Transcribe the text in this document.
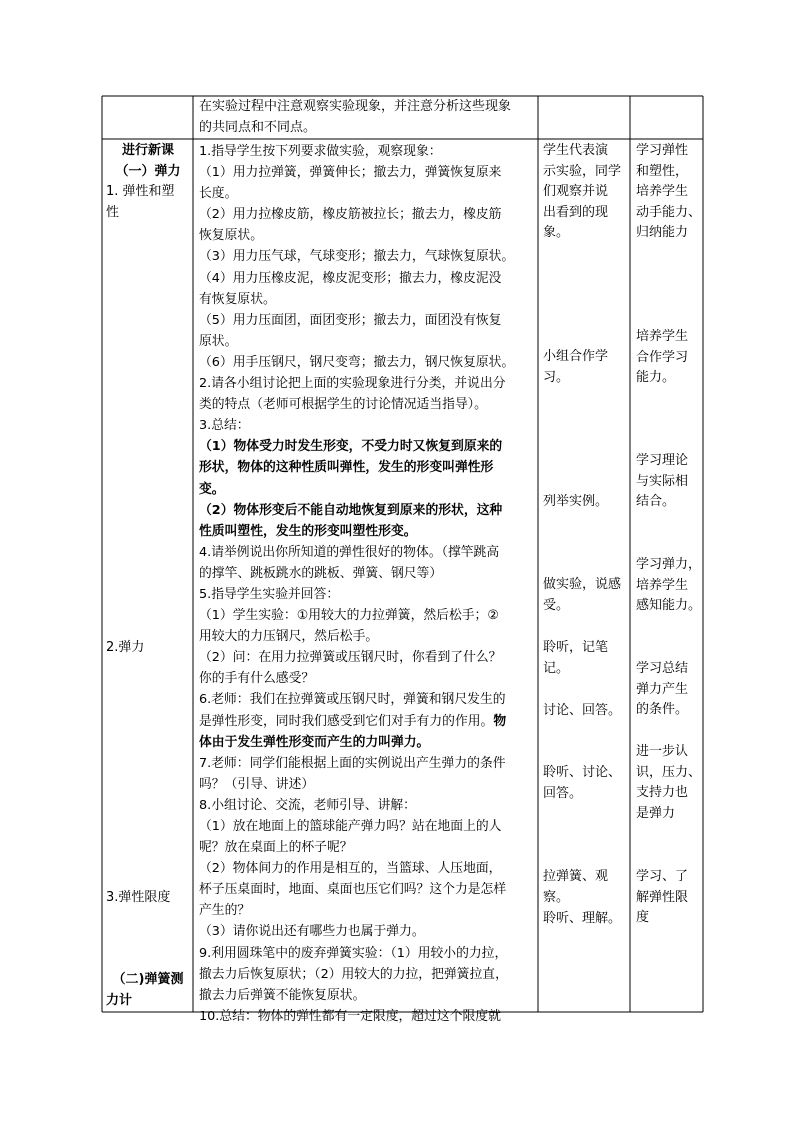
在实验过程中注意观察实验现象，并注意分析这些现象

的共同点和不同点。

进行新课

（一）弹力

1. 弹性和塑

性

2.弹力

3.弹性限度

（二)弹簧测

力计

1.指导学生按下列要求做实验，观察现象：

（1）用力拉弹簧，弹簧伸长；撤去力，弹簧恢复原来

长度。

（2）用力拉橡皮筋，橡皮筋被拉长；撤去力，橡皮筋

恢复原状。

（3）用力压气球，气球变形；撤去力，气球恢复原状。

（4）用力压橡皮泥，橡皮泥变形；撤去力，橡皮泥没

有恢复原状。

（5）用力压面团，面团变形；撤去力，面团没有恢复

原状。

（6）用手压钢尺，钢尺变弯；撤去力，钢尺恢复原状。

2.请各小组讨论把上面的实验现象进行分类，并说出分

类的特点（老师可根据学生的讨论情况适当指导）。

3.总结：

（1）物体受力时发生形变，不受力时又恢复到原来的

形状，物体的这种性质叫弹性，发生的形变叫弹性形

变。

（2）物体形变后不能自动地恢复到原来的形状，这种

性质叫塑性，发生的形变叫塑性形变。

4.请举例说出你所知道的弹性很好的物体。（撑竿跳高

的撑竿、跳板跳水的跳板、弹簧、钢尺等）

5.指导学生实验并回答：

（1）学生实验：①用较大的力拉弹簧，然后松手；②

用较大的力压钢尺，然后松手。

（2）问：在用力拉弹簧或压钢尺时，你看到了什么？

你的手有什么感受？

6.老师：我们在拉弹簧或压钢尺时，弹簧和钢尺发生的

是弹性形变，同时我们感受到它们对手有力的作用。物

体由于发生弹性形变而产生的力叫弹力。

7.老师：同学们能根据上面的实例说出产生弹力的条件

吗？（引导、讲述）

8.小组讨论、交流，老师引导、讲解：

（1）放在地面上的篮球能产弹力吗？站在地面上的人

呢？放在桌面上的杯子呢？

（2）物体间力的作用是相互的，当篮球、人压地面，

杯子压桌面时，地面、桌面也压它们吗？这个力是怎样

产生的？

（3）请你说出还有哪些力也属于弹力。

9.利用圆珠笔中的废弃弹簧实验：（1）用较小的力拉，

撤去力后恢复原状；（2）用较大的力拉，把弹簧拉直，

撤去力后弹簧不能恢复原状。

10.总结：物体的弹性都有一定限度，超过这个限度就

学生代表演

示实验，同学

们观察并说

出看到的现

象。

小组合作学

习。

列举实例。

做实验，说感

受。

聆听，记笔记。

讨论、回答。

聆听、讨论、

回答。

拉弹簧、观察。

聆听、理解。

学习弹性

和塑性，

培养学生

动手能力、

归纳能力

培养学生

合作学习

能力。

学习理论

与实际相

结合。

学习弹力，

培养学生

感知能力。

学习总结

弹力产生

的条件。

进一步认

识，压力、

支持力也

是弹力

学习、了

解弹性限

度
